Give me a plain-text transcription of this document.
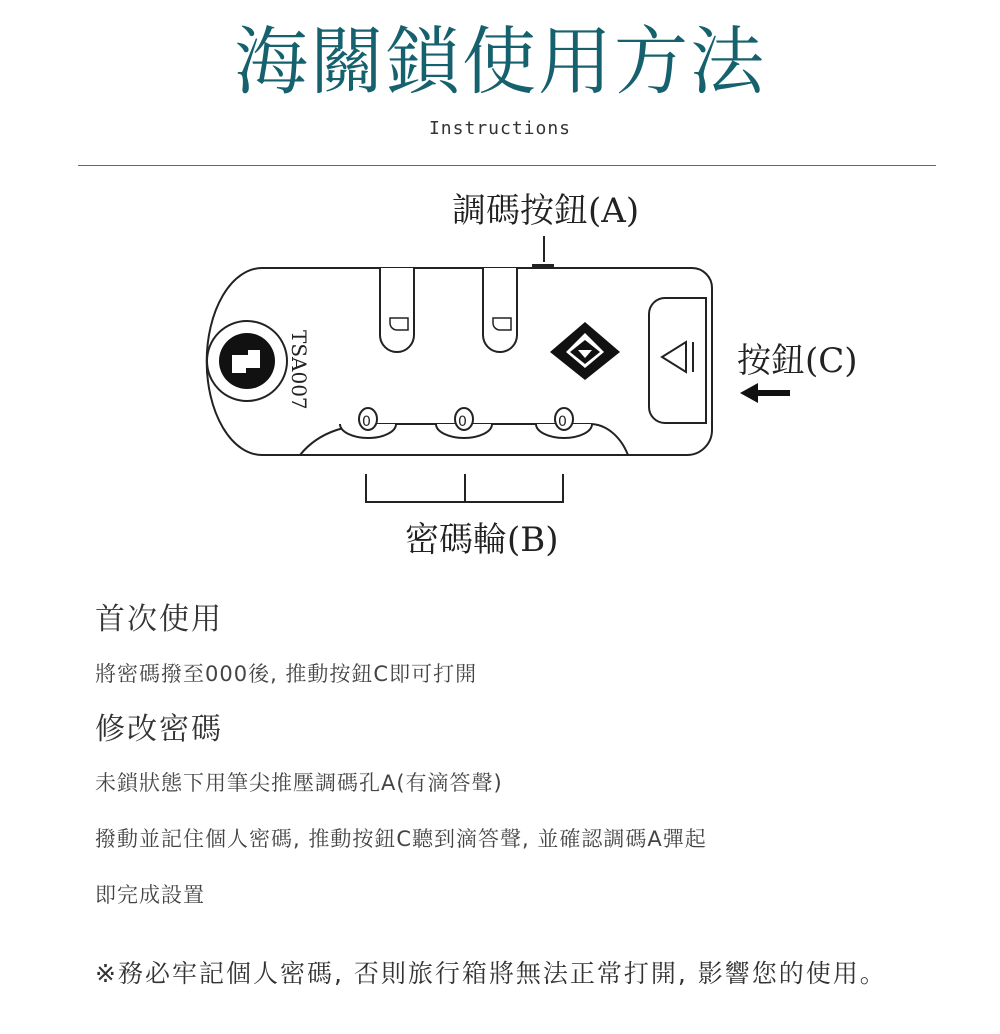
海關鎖使用方法
Instructions
調碼按鈕(A)
TSA007
0	0	0
密碼輪(B)
按鈕(C)
首次使用
將密碼撥至000後, 推動按鈕C即可打開
修改密碼
未鎖狀態下用筆尖推壓調碼孔A(有滴答聲)
撥動並記住個人密碼, 推動按鈕C聽到滴答聲, 並確認調碼A彈起
即完成設置
※務必牢記個人密碼, 否則旅行箱將無法正常打開, 影響您的使用。
